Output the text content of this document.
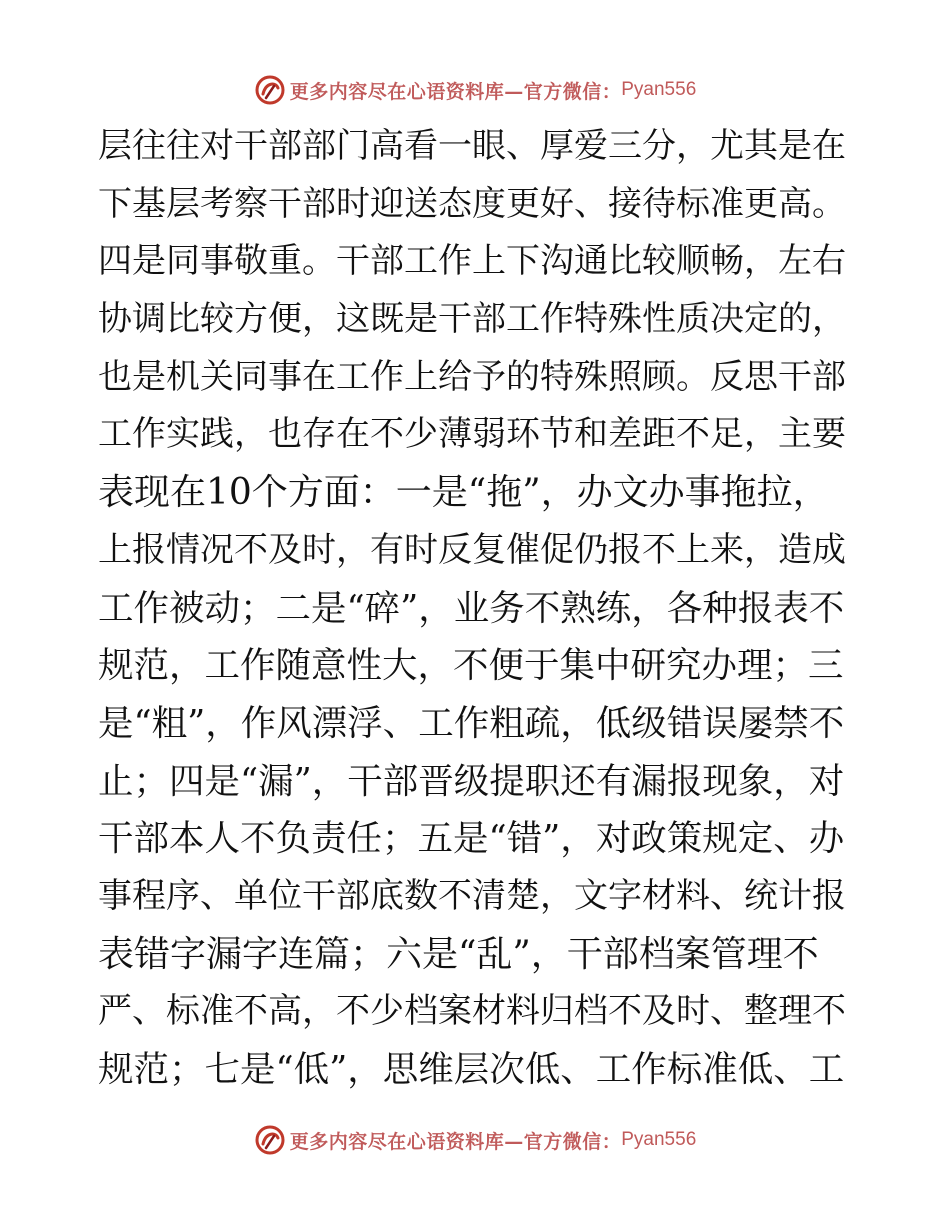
更多内容尽在心语资料库—官方微信： Pyan556
层往往对干部部门高看一眼、厚爱三分，尤其是在
下基层考察干部时迎送态度更好、接待标准更高。
四是同事敬重。干部工作上下沟通比较顺畅，左右
协调比较方便，这既是干部工作特殊性质决定的，
也是机关同事在工作上给予的特殊照顾。反思干部
工作实践，也存在不少薄弱环节和差距不足，主要
表现在10个方面：一是“拖”，办文办事拖拉，
上报情况不及时，有时反复催促仍报不上来，造成
工作被动；二是“碎”，业务不熟练，各种报表不
规范，工作随意性大，不便于集中研究办理；三
是“粗”，作风漂浮、工作粗疏，低级错误屡禁不
止；四是“漏”，干部晋级提职还有漏报现象，对
干部本人不负责任；五是“错”，对政策规定、办
事程序、单位干部底数不清楚，文字材料、统计报
表错字漏字连篇；六是“乱”，干部档案管理不
严、标准不高，不少档案材料归档不及时、整理不
规范；七是“低”，思维层次低、工作标准低、工
更多内容尽在心语资料库—官方微信： Pyan556
